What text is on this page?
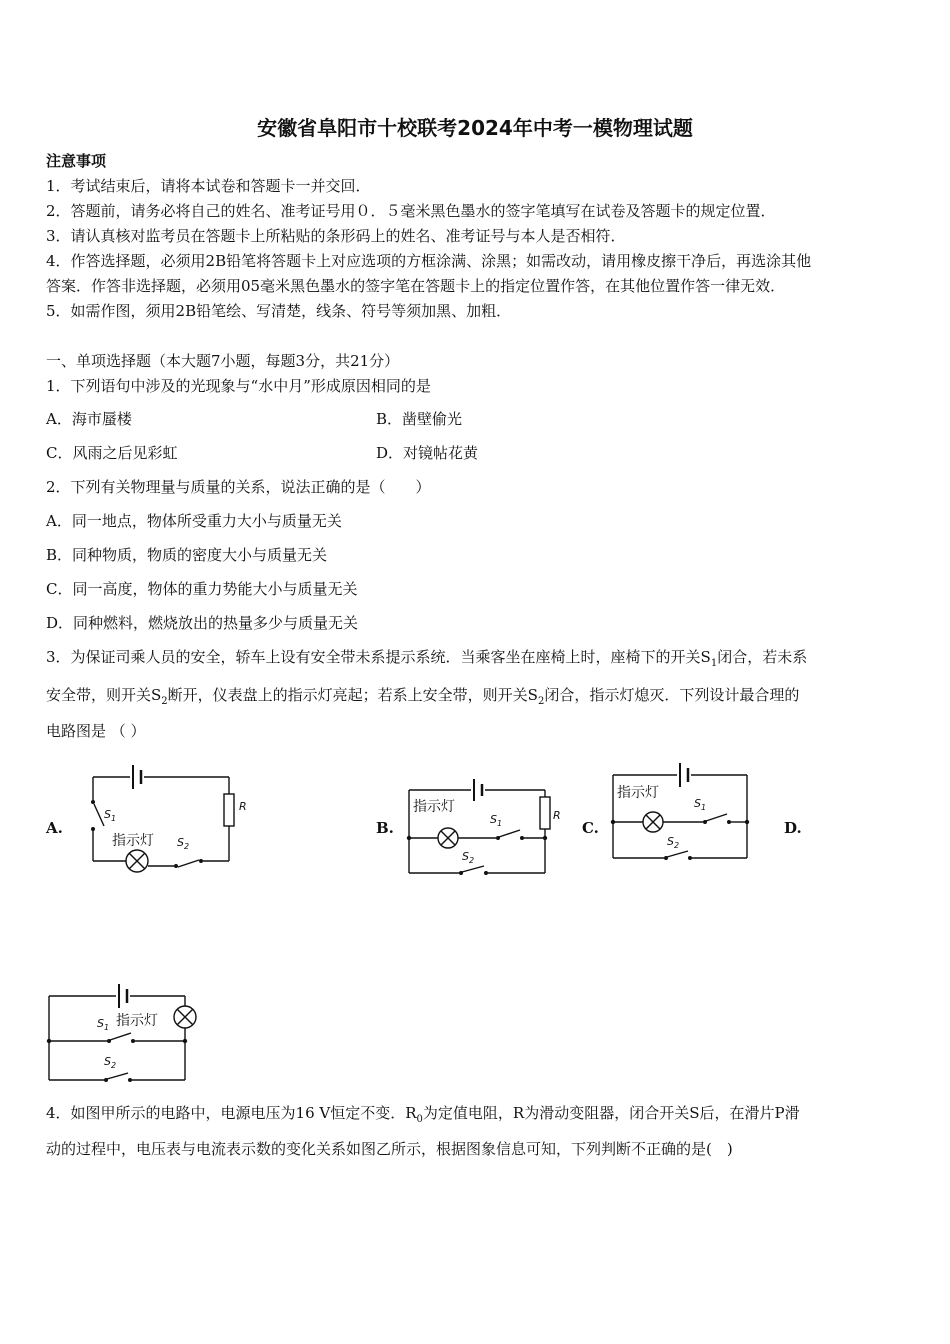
安徽省阜阳市十校联考2024年中考一模物理试题
注意事项
1．考试结束后，请将本试卷和答题卡一并交回．
2．答题前，请务必将自己的姓名、准考证号用０．５毫米黑色墨水的签字笔填写在试卷及答题卡的规定位置．
3．请认真核对监考员在答题卡上所粘贴的条形码上的姓名、准考证号与本人是否相符．
4．作答选择题，必须用2B铅笔将答题卡上对应选项的方框涂满、涂黑；如需改动，请用橡皮擦干净后，再选涂其他
答案．作答非选择题，必须用05毫米黑色墨水的签字笔在答题卡上的指定位置作答，在其他位置作答一律无效．
5．如需作图，须用2B铅笔绘、写清楚，线条、符号等须加黑、加粗．
一、单项选择题（本大题7小题，每题3分，共21分）
1．下列语句中涉及的光现象与“水中月”形成原因相同的是
A．海市蜃楼	B．凿壁偷光
C．风雨之后见彩虹	D．对镜帖花黄
2．下列有关物理量与质量的关系，说法正确的是（　　）
A．同一地点，物体所受重力大小与质量无关
B．同种物质，物质的密度大小与质量无关
C．同一高度，物体的重力势能大小与质量无关
D．同种燃料，燃烧放出的热量多少与质量无关
3．为保证司乘人员的安全，轿车上设有安全带未系提示系统．当乘客坐在座椅上时，座椅下的开关$S_1$闭合，若未系
安全带，则开关$S_2$断开，仪表盘上的指示灯亮起；若系上安全带，则开关$S_2$闭合，指示灯熄灭．下列设计最合理的
电路图是 （ ）
A.	B.	C.	D.
R
$S_1$
指示灯 $S_2$
指示灯
R
$S_1$
$S_2$
指示灯
$S_1$
$S_2$
指示灯
$S_1$
$S_2$
4．如图甲所示的电路中，电源电压为16 V恒定不变．$R_0$为定值电阻，R为滑动变阻器，闭合开关S后，在滑片P滑
动的过程中，电压表与电流表示数的变化关系如图乙所示，根据图象信息可知，下列判断不正确的是(　)
